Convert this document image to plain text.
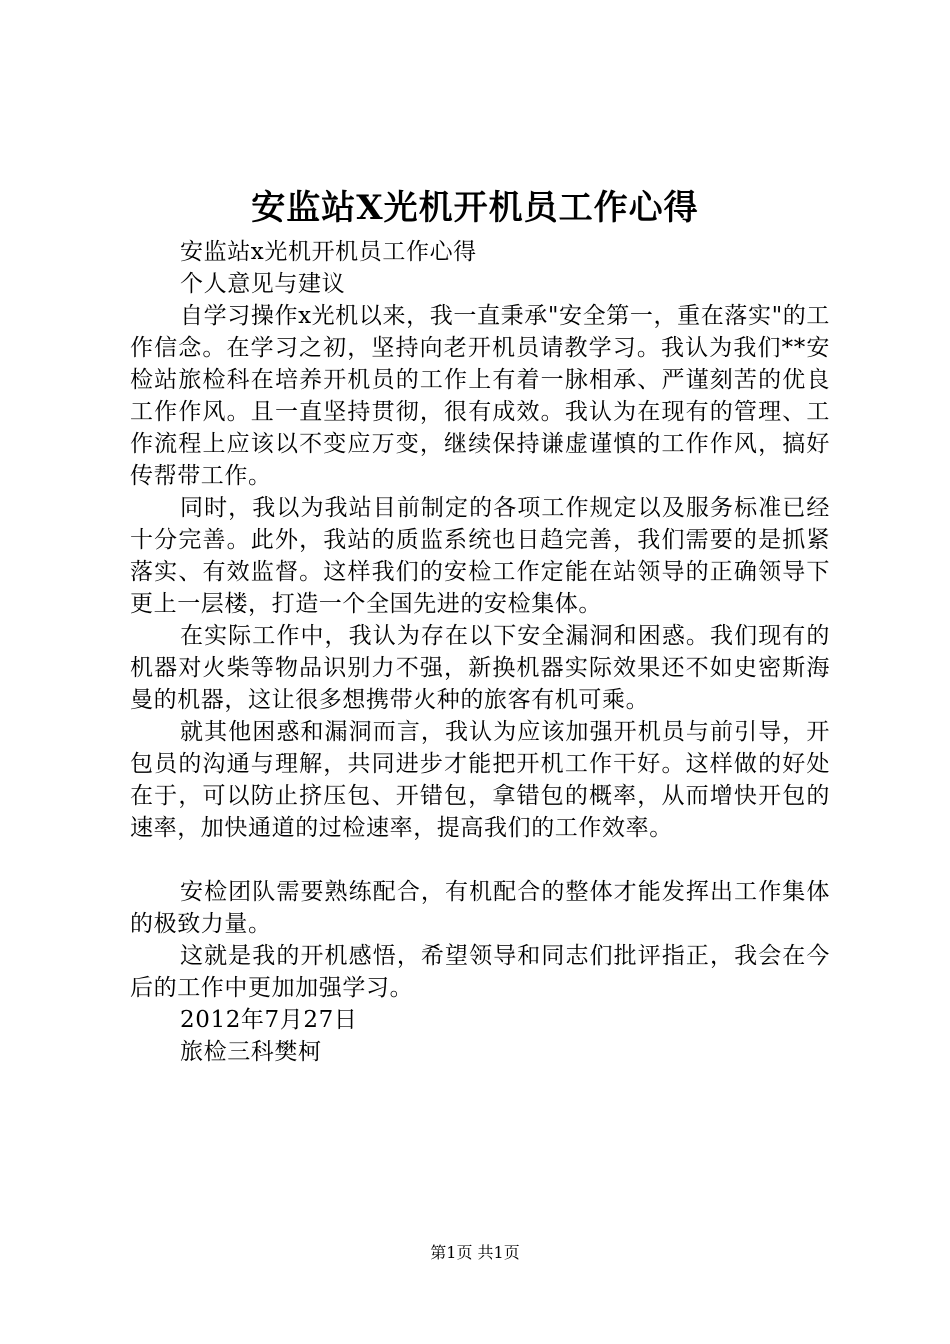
安监站X光机开机员工作心得

安监站x光机开机员工作心得

个人意见与建议

自学习操作x光机以来，我一直秉承"安全第一，重在落实"的工作信念。在学习之初，坚持向老开机员请教学习。我认为我们**安检站旅检科在培养开机员的工作上有着一脉相承、严谨刻苦的优良工作作风。且一直坚持贯彻，很有成效。我认为在现有的管理、工作流程上应该以不变应万变，继续保持谦虚谨慎的工作作风，搞好传帮带工作。

同时，我以为我站目前制定的各项工作规定以及服务标准已经十分完善。此外，我站的质监系统也日趋完善，我们需要的是抓紧落实、有效监督。这样我们的安检工作定能在站领导的正确领导下更上一层楼，打造一个全国先进的安检集体。

在实际工作中，我认为存在以下安全漏洞和困惑。我们现有的机器对火柴等物品识别力不强，新换机器实际效果还不如史密斯海曼的机器，这让很多想携带火种的旅客有机可乘。

就其他困惑和漏洞而言，我认为应该加强开机员与前引导，开包员的沟通与理解，共同进步才能把开机工作干好。这样做的好处在于，可以防止挤压包、开错包，拿错包的概率，从而增快开包的速率，加快通道的过检速率，提高我们的工作效率。

安检团队需要熟练配合，有机配合的整体才能发挥出工作集体的极致力量。

这就是我的开机感悟，希望领导和同志们批评指正，我会在今后的工作中更加加强学习。

2012年7月27日

旅检三科樊柯

第1页 共1页
